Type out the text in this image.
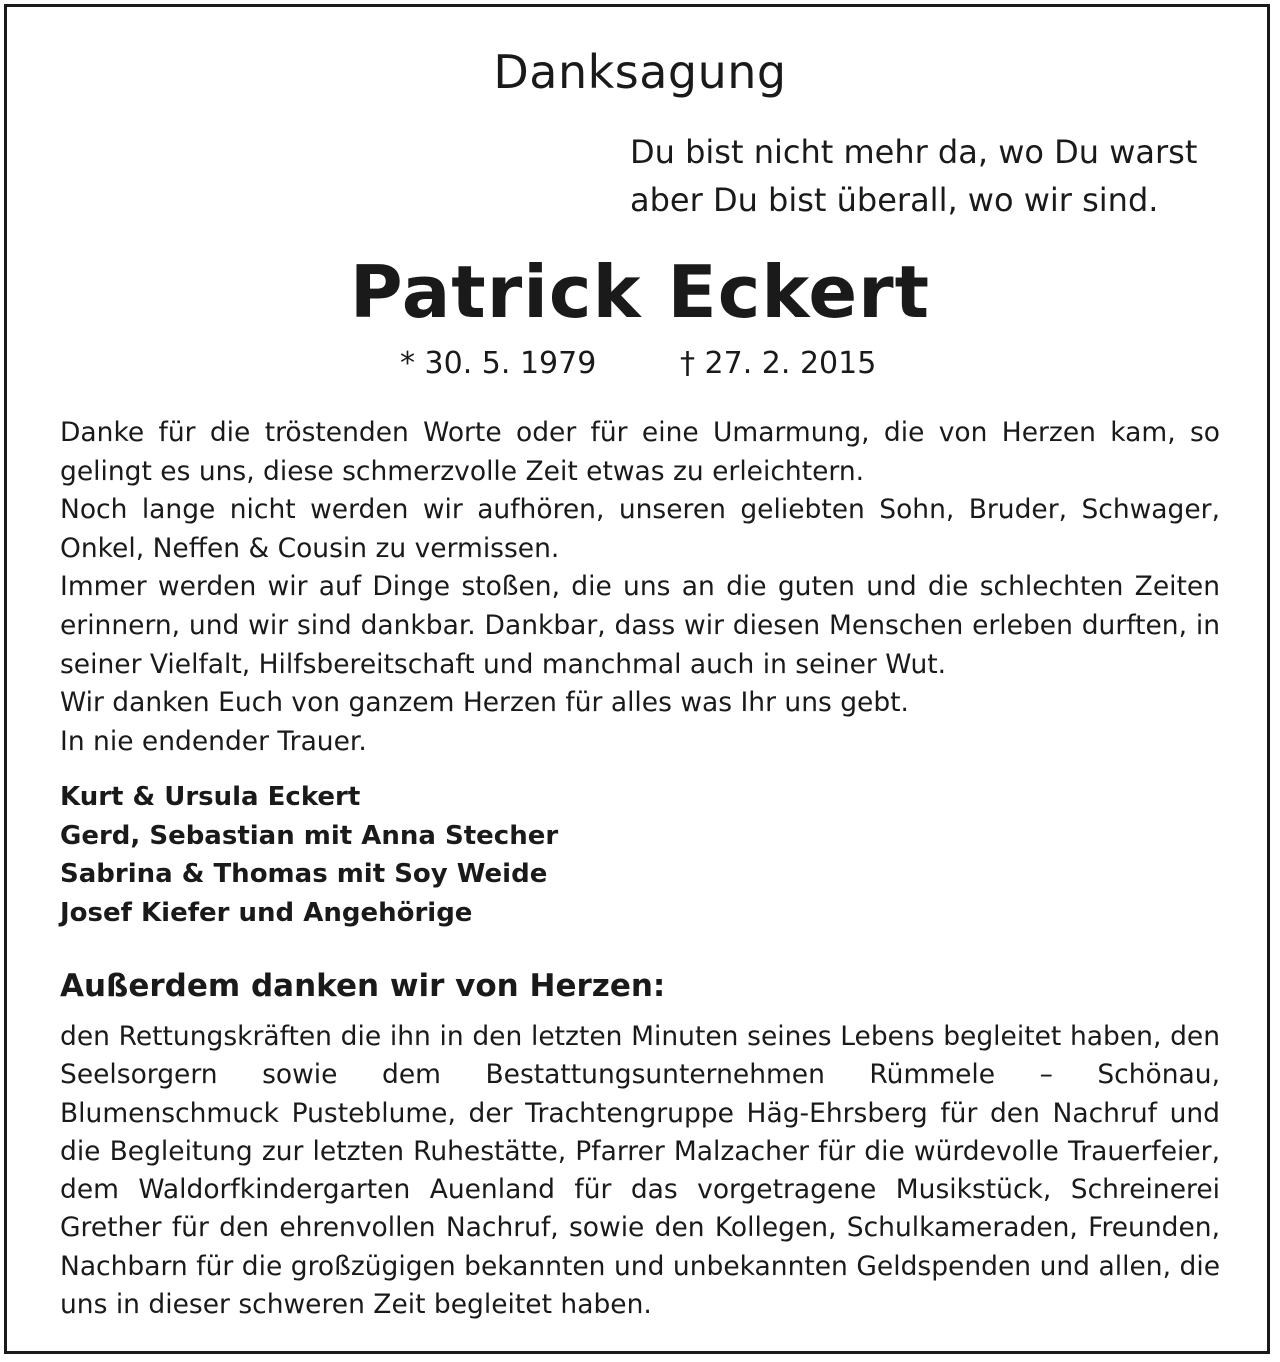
Danksagung
Du bist nicht mehr da, wo Du warst
aber Du bist überall, wo wir sind.
Patrick Eckert
* 30. 5. 1979	† 27. 2. 2015

Danke für die tröstenden Worte oder für eine Umarmung, die von Herzen kam, so gelingt es uns, diese schmerzvolle Zeit etwas zu erleichtern.

Noch lange nicht werden wir aufhören, unseren geliebten Sohn, Bruder, Schwager, Onkel, Neffen & Cousin zu vermissen.

Immer werden wir auf Dinge stoßen, die uns an die guten und die schlechten Zeiten erinnern, und wir sind dankbar. Dankbar, dass wir diesen Menschen erleben durften, in seiner Vielfalt, Hilfsbereitschaft und manchmal auch in seiner Wut.

Wir danken Euch von ganzem Herzen für alles was Ihr uns gebt.

In nie endender Trauer.

Kurt & Ursula Eckert
Gerd, Sebastian mit Anna Stecher
Sabrina & Thomas mit Soy Weide
Josef Kiefer und Angehörige
Außerdem danken wir von Herzen:

den Rettungskräften die ihn in den letzten Minuten seines Lebens begleitet haben, den Seelsorgern sowie dem Bestattungsunternehmen Rümmele – Schönau, Blumenschmuck Pusteblume, der Trachtengruppe Häg-Ehrsberg für den Nachruf und die Begleitung zur letzten Ruhestätte, Pfarrer Malzacher für die würdevolle Trauerfeier, dem Waldorfkindergarten Auenland für das vorgetragene Musikstück, Schreinerei Grether für den ehrenvollen Nachruf, sowie den Kollegen, Schulkameraden, Freunden, Nachbarn für die großzügigen bekannten und unbekannten Geldspenden und allen, die uns in dieser schweren Zeit begleitet haben.
